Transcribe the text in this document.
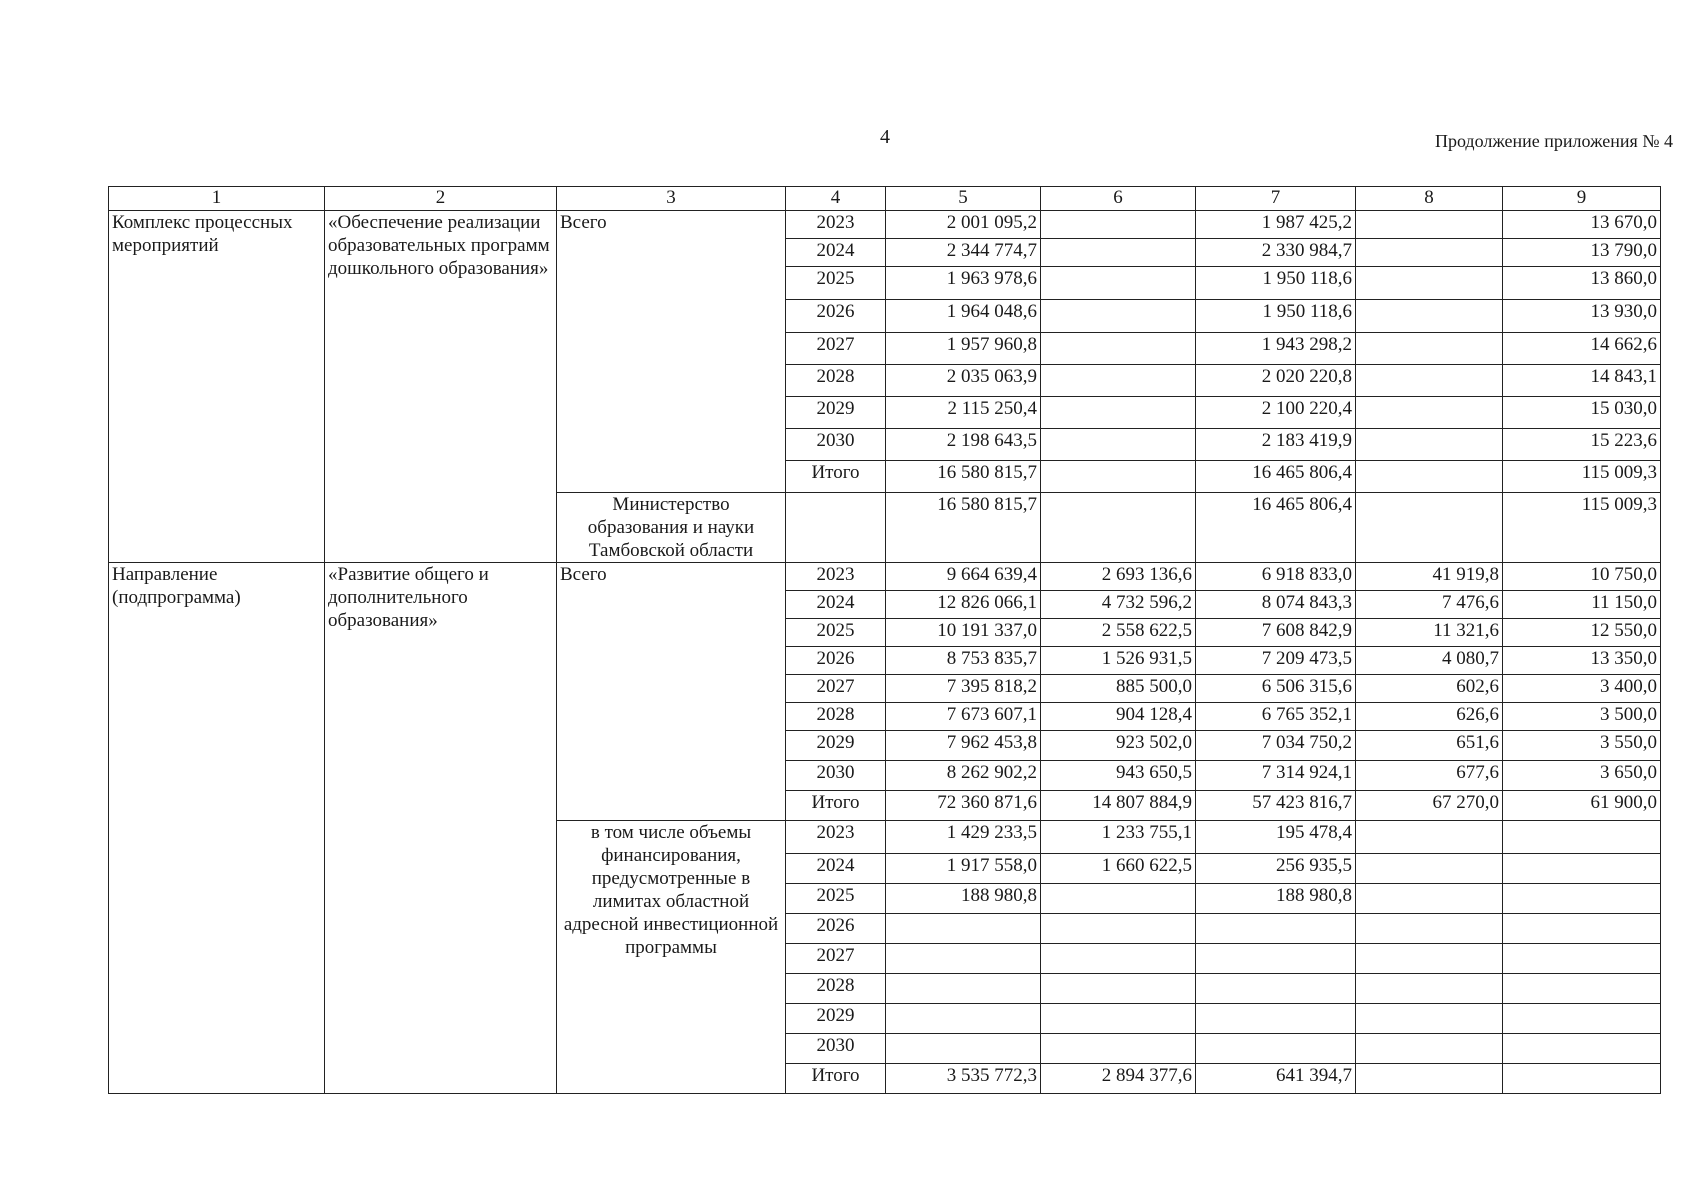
4	Продолжение приложения № 4
1	2	3	4	5	6	7	8	9
Комплекс процессных мероприятий	«Обеспечение реализации образовательных программ дошкольного образования»	Всего	2023	2 001 095,2		1 987 425,2		13 670,0
			2024	2 344 774,7		2 330 984,7		13 790,0
			2025	1 963 978,6		1 950 118,6		13 860,0
			2026	1 964 048,6		1 950 118,6		13 930,0
			2027	1 957 960,8		1 943 298,2		14 662,6
			2028	2 035 063,9		2 020 220,8		14 843,1
			2029	2 115 250,4		2 100 220,4		15 030,0
			2030	2 198 643,5		2 183 419,9		15 223,6
			Итого	16 580 815,7		16 465 806,4		115 009,3
		Министерство образования и науки Тамбовской области		16 580 815,7		16 465 806,4		115 009,3
Направление (подпрограмма)	«Развитие общего и дополнительного образования»	Всего	2023	9 664 639,4	2 693 136,6	6 918 833,0	41 919,8	10 750,0
			2024	12 826 066,1	4 732 596,2	8 074 843,3	7 476,6	11 150,0
			2025	10 191 337,0	2 558 622,5	7 608 842,9	11 321,6	12 550,0
			2026	8 753 835,7	1 526 931,5	7 209 473,5	4 080,7	13 350,0
			2027	7 395 818,2	885 500,0	6 506 315,6	602,6	3 400,0
			2028	7 673 607,1	904 128,4	6 765 352,1	626,6	3 500,0
			2029	7 962 453,8	923 502,0	7 034 750,2	651,6	3 550,0
			2030	8 262 902,2	943 650,5	7 314 924,1	677,6	3 650,0
			Итого	72 360 871,6	14 807 884,9	57 423 816,7	67 270,0	61 900,0
		в том числе объемы финансирования, предусмотренные в лимитах областной адресной инвестиционной программы	2023	1 429 233,5	1 233 755,1	195 478,4		
			2024	1 917 558,0	1 660 622,5	256 935,5		
			2025	188 980,8		188 980,8		
			2026					
			2027					
			2028					
			2029					
			2030					
			Итого	3 535 772,3	2 894 377,6	641 394,7		
